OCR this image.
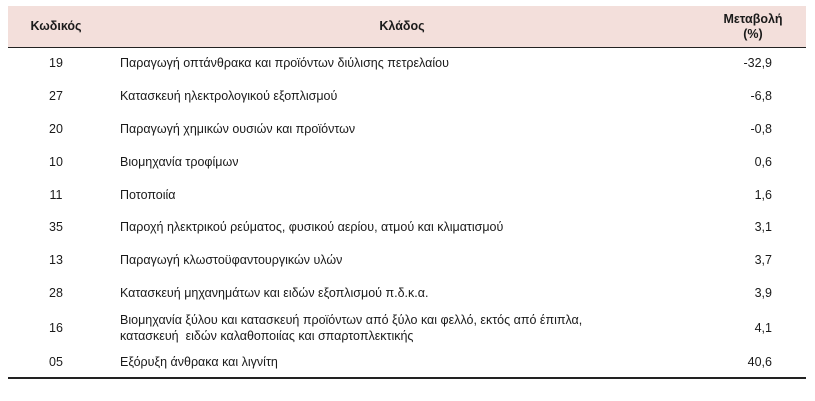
Κωδικός	Κλάδος	Μεταβολή
(%)
19	Παραγωγή οπτάνθρακα και προϊόντων διύλισης πετρελαίου	-32,9
27	Κατασκευή ηλεκτρολογικού εξοπλισμού	-6,8
20	Παραγωγή χημικών ουσιών και προϊόντων	-0,8
10	Βιομηχανία τροφίμων	0,6
11	Ποτοποιία	1,6
35	Παροχή ηλεκτρικού ρεύματος, φυσικού αερίου, ατμού και κλιματισμού	3,1
13	Παραγωγή κλωστοϋφαντουργικών υλών	3,7
28	Κατασκευή μηχανημάτων και ειδών εξοπλισμού π.δ.κ.α.	3,9
16	Βιομηχανία ξύλου και κατασκευή προϊόντων από ξύλο και φελλό, εκτός από έπιπλα,
κατασκευή  ειδών καλαθοποιίας και σπαρτοπλεκτικής	4,1
05	Εξόρυξη άνθρακα και λιγνίτη	40,6
